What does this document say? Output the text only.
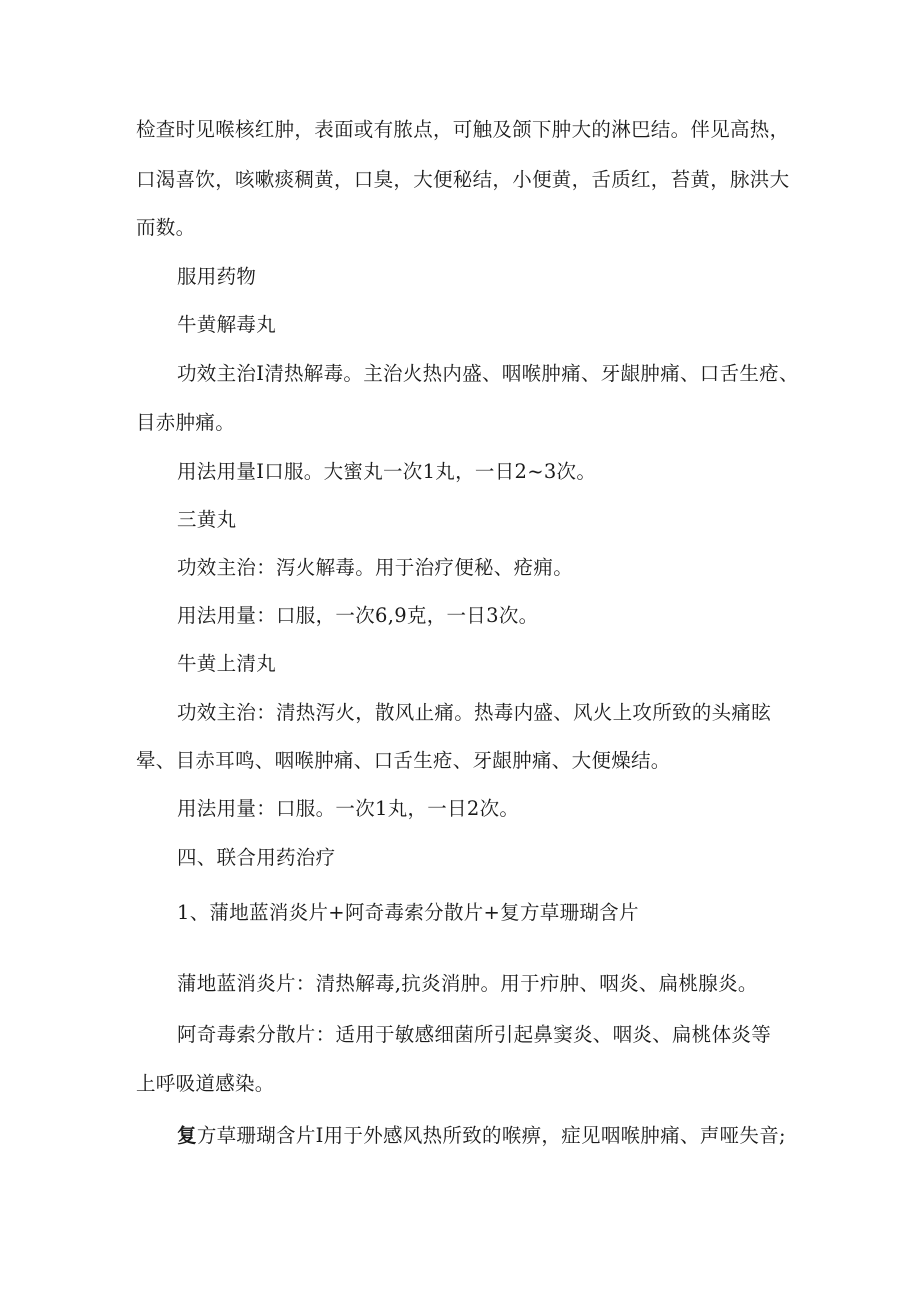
检查时见喉核红肿，表面或有脓点，可触及颌下肿大的淋巴结。伴见高热，

口渴喜饮，咳嗽痰稠黄，口臭，大便秘结，小便黄，舌质红，苔黄，脉洪大

而数。

服用药物

牛黄解毒丸

功效主治I清热解毒。主治火热内盛、咽喉肿痛、牙龈肿痛、口舌生疮、

目赤肿痛。

用法用量I口服。大蜜丸一次1丸，一日2~3次。

三黄丸

功效主治：泻火解毒。用于治疗便秘、疮痈。

用法用量：口服，一次6,9克，一日3次。

牛黄上清丸

功效主治：清热泻火，散风止痛。热毒内盛、风火上攻所致的头痛眩

晕、目赤耳鸣、咽喉肿痛、口舌生疮、牙龈肿痛、大便燥结。

用法用量：口服。一次1丸，一日2次。

四、联合用药治疗

1、蒲地蓝消炎片+阿奇毒索分散片+复方草珊瑚含片

蒲地蓝消炎片：清热解毒,抗炎消肿。用于疖肿、咽炎、扁桃腺炎。

阿奇毒索分散片：适用于敏感细菌所引起鼻窦炎、咽炎、扁桃体炎等

上呼吸道感染。

复方草珊瑚含片I用于外感风热所致的喉痹，症见咽喉肿痛、声哑失音;
